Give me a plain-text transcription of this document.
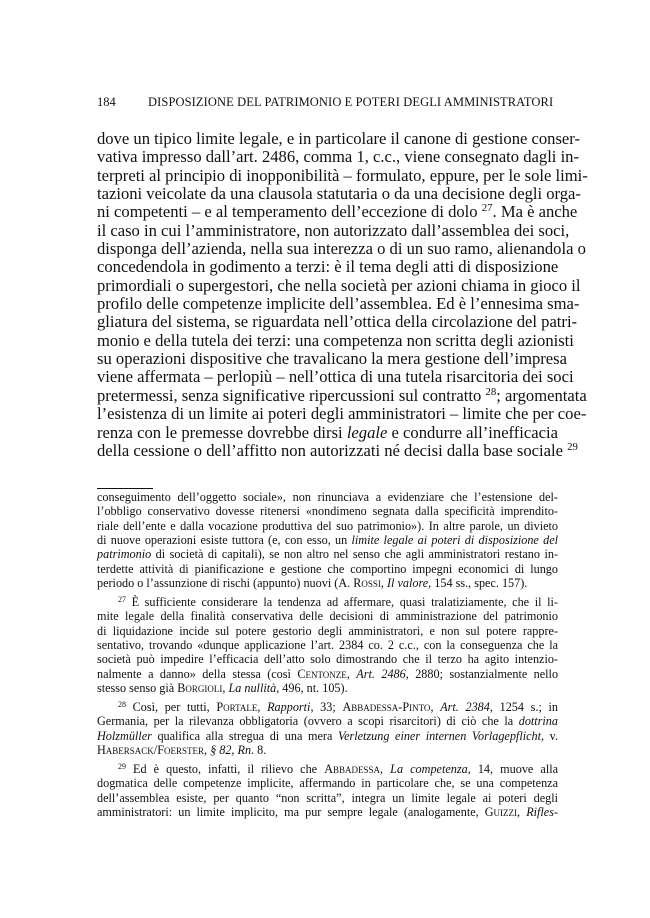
184	DISPOSIZIONE DEL PATRIMONIO E POTERI DEGLI AMMINISTRATORI
dove un tipico limite legale, e in particolare il canone di gestione conser-
vativa impresso dall’art. 2486, comma 1, c.c., viene consegnato dagli in-
terpreti al principio di inopponibilità – formulato, eppure, per le sole limi-
tazioni veicolate da una clausola statutaria o da una decisione degli orga-
ni competenti – e al temperamento dell’eccezione di dolo $^{27}$. Ma è anche
il caso in cui l’amministratore, non autorizzato dall’assemblea dei soci,
disponga dell’azienda, nella sua interezza o di un suo ramo, alienandola o
concedendola in godimento a terzi: è il tema degli atti di disposizione
primordiali o supergestori, che nella società per azioni chiama in gioco il
profilo delle competenze implicite dell’assemblea. Ed è l’ennesima sma-
gliatura del sistema, se riguardata nell’ottica della circolazione del patri-
monio e della tutela dei terzi: una competenza non scritta degli azionisti
su operazioni dispositive che travalicano la mera gestione dell’impresa
viene affermata – perlopiù – nell’ottica di una tutela risarcitoria dei soci
pretermessi, senza significative ripercussioni sul contratto $^{28}$; argomentata
l’esistenza di un limite ai poteri degli amministratori – limite che per coe-
renza con le premesse dovrebbe dirsi legale e condurre all’inefficacia
della cessione o dell’affitto non autorizzati né decisi dalla base sociale $^{29}$
conseguimento dell’oggetto sociale», non rinunciava a evidenziare che l’estensione del-
l’obbligo conservativo dovesse ritenersi «nondimeno segnata dalla specificità imprendito-
riale dell’ente e dalla vocazione produttiva del suo patrimonio»). In altre parole, un divieto
di nuove operazioni esiste tuttora (e, con esso, un limite legale ai poteri di disposizione del
patrimonio di società di capitali), se non altro nel senso che agli amministratori restano in-
terdette attività di pianificazione e gestione che comportino impegni economici di lungo
periodo o l’assunzione di rischi (appunto) nuovi (A. Rossi, Il valore, 154 ss., spec. 157).
$^{27}$ È sufficiente considerare la tendenza ad affermare, quasi tralatiziamente, che il li-
mite legale della finalità conservativa delle decisioni di amministrazione del patrimonio
di liquidazione incide sul potere gestorio degli amministratori, e non sul potere rappre-
sentativo, trovando «dunque applicazione l’art. 2384 co. 2 c.c., con la conseguenza che la
società può impedire l’efficacia dell’atto solo dimostrando che il terzo ha agito intenzio-
nalmente a danno» della stessa (così Centonze, Art. 2486, 2880; sostanzialmente nello
stesso senso già Borgioli, La nullità, 496, nt. 105).
$^{28}$ Così, per tutti, Portale, Rapporti, 33; Abbadessa-Pinto, Art. 2384, 1254 s.; in
Germania, per la rilevanza obbligatoria (ovvero a scopi risarcitori) di ciò che la dottrina
Holzmüller qualifica alla stregua di una mera Verletzung einer internen Vorlagepflicht, v.
Habersack/Foerster, § 82, Rn. 8.
$^{29}$ Ed è questo, infatti, il rilievo che Abbadessa, La competenza, 14, muove alla
dogmatica delle competenze implicite, affermando in particolare che, se una competenza
dell’assemblea esiste, per quanto “non scritta”, integra un limite legale ai poteri degli
amministratori: un limite implicito, ma pur sempre legale (analogamente, Guizzi, Rifles-
